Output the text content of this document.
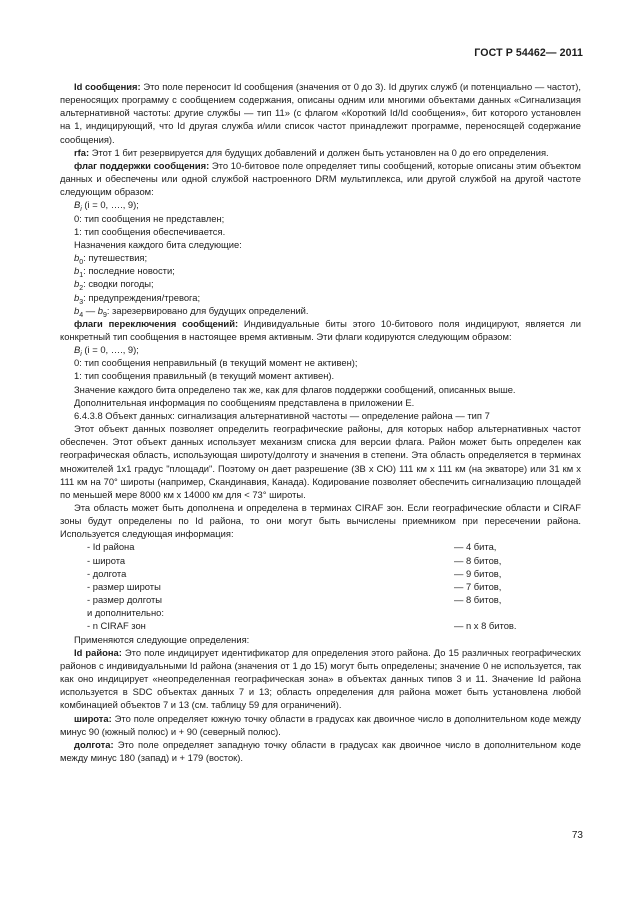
ГОСТ Р 54462— 2011

Id сообщения: Это поле переносит Id сообщения (значения от 0 до 3). Id других служб (и потенциально — частот), переносящих программу с сообщением содержания, описаны одним или многими объектами данных «Сигнализация альтернативной частоты: другие службы — тип 11» (с флагом «Короткий Id/Id сообщения», бит которого установлен на 1, индицирующий, что Id другая служба и/или список частот принадлежит программе, переносящей содержание сообщения).

rfa: Этот 1 бит резервируется для будущих добавлений и должен быть установлен на 0 до его определения.

флаг поддержки сообщения: Это 10-битовое поле определяет типы сообщений, которые описаны этим объектом данных и обеспечены или одной службой настроенного DRM мультиплекса, или другой службой на другой частоте следующим образом:

$B_i$ (i = 0, …., 9);

0: тип сообщения не представлен;

1: тип сообщения обеспечивается.

Назначения каждого бита следующие:

$b_0$: путешествия;

$b_1$: последние новости;

$b_2$: сводки погоды;

$b_3$: предупреждения/тревога;

$b_4$ — $b_9$: зарезервировано для будущих определений.

флаги переключения сообщений: Индивидуальные биты этого 10-битового поля индицируют, является ли конкретный тип сообщения в настоящее время активным. Эти флаги кодируются следующим образом:

$B_i$ (i = 0, …., 9);

0: тип сообщения неправильный (в текущий момент не активен);

1: тип сообщения правильный (в текущий момент активен).

Значение каждого бита определено так же, как для флагов поддержки сообщений, описанных выше.

Дополнительная информация по сообщениям представлена в приложении Е.

6.4.3.8 Объект данных: сигнализация альтернативной частоты — определение района — тип 7

Этот объект данных позволяет определить географические районы, для которых набор альтернативных частот обеспечен. Этот объект данных использует механизм списка для версии флага. Район может быть определен как географическая область, использующая широту/долготу и значения в степени. Эта область определяется в терминах множителей 1х1 градус "площади". Поэтому он дает разрешение (3В х СЮ) 111 км х 111 км (на экваторе) или 31 км х 111 км на 70° широты (например, Скандинавия, Канада). Кодирование позволяет обеспечить сигнализацию площадей по меньшей мере 8000 км х 14000 км для < 73° широты.

Эта область может быть дополнена и определена в терминах CIRAF зон. Если географические области и CIRAF зоны будут определены по Id района, то они могут быть вычислены приемником при пересечении района. Используется следующая информация:

- Id района	— 4 бита,
- широта	— 8 битов,
- долгота	— 9 битов,
- размер широты	— 7 битов,
- размер долготы	— 8 битов,
и дополнительно:
- n CIRAF зон	— n х 8 битов.

Применяются следующие определения:

Id района: Это поле индицирует идентификатор для определения этого района. До 15 различных географических районов с индивидуальными Id района (значения от 1 до 15) могут быть определены; значение 0 не используется, так как оно индицирует «неопределенная географическая зона» в объектах данных типов 3 и 11. Значение Id района используется в SDC объектах данных 7 и 13; область определения для района может быть установлена любой комбинацией объектов 7 и 13 (см. таблицу 59 для ограничений).

широта: Это поле определяет южную точку области в градусах как двоичное число в дополнительном коде между минус 90 (южный полюс) и + 90 (северный полюс).

долгота: Это поле определяет западную точку области в градусах как двоичное число в дополнительном коде между минус 180 (запад) и + 179 (восток).

73
